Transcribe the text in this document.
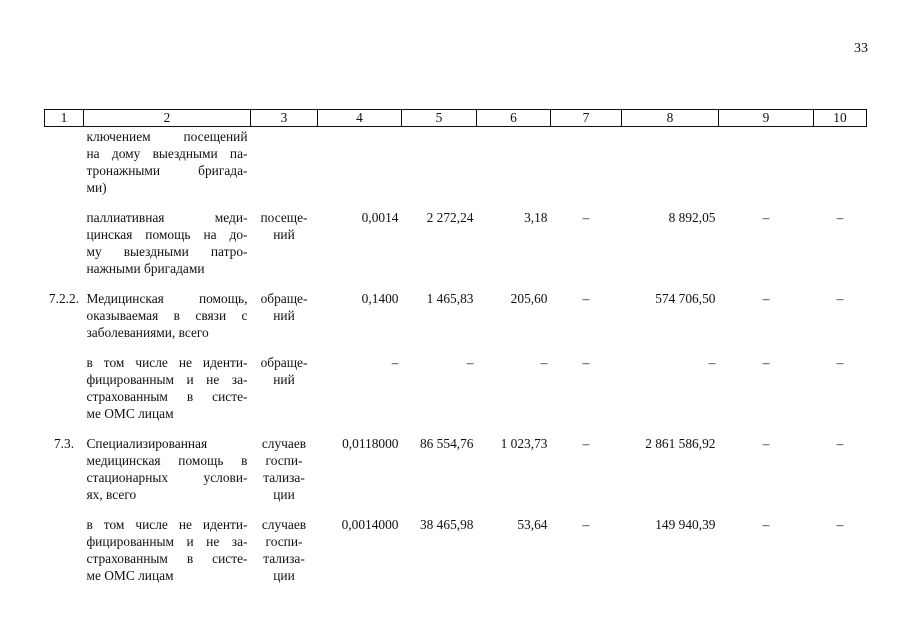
33
1	2	3	4	5	6	7	8	9	10

	ключением посещений
на дому выездными па-
тронажными бригада-
ми)								

	паллиативная меди-
цинская помощь на до-
му выездными патро-
нажными бригадами	посеще-
ний	0,0014	2 272,24	3,18	–	8 892,05	–	–
7.2.2.	Медицинская помощь,
оказываемая в связи с
заболеваниями, всего	обраще-
ний	0,1400	1 465,83	205,60	–	574 706,50	–	–

	в том числе не иденти-
фицированным и не за-
страхованным в систе-
ме ОМС лицам	обраще-
ний	–	–	–	–	–	–	–
7.3.	Специализированная
медицинская помощь в
стационарных услови-
ях, всего	случаев
госпи-
тализа-
ции	0,0118000	86 554,76	1 023,73	–	2 861 586,92	–	–

	в том числе не иденти-
фицированным и не за-
страхованным в систе-
ме ОМС лицам	случаев
госпи-
тализа-
ции	0,0014000	38 465,98	53,64	–	149 940,39	–	–
